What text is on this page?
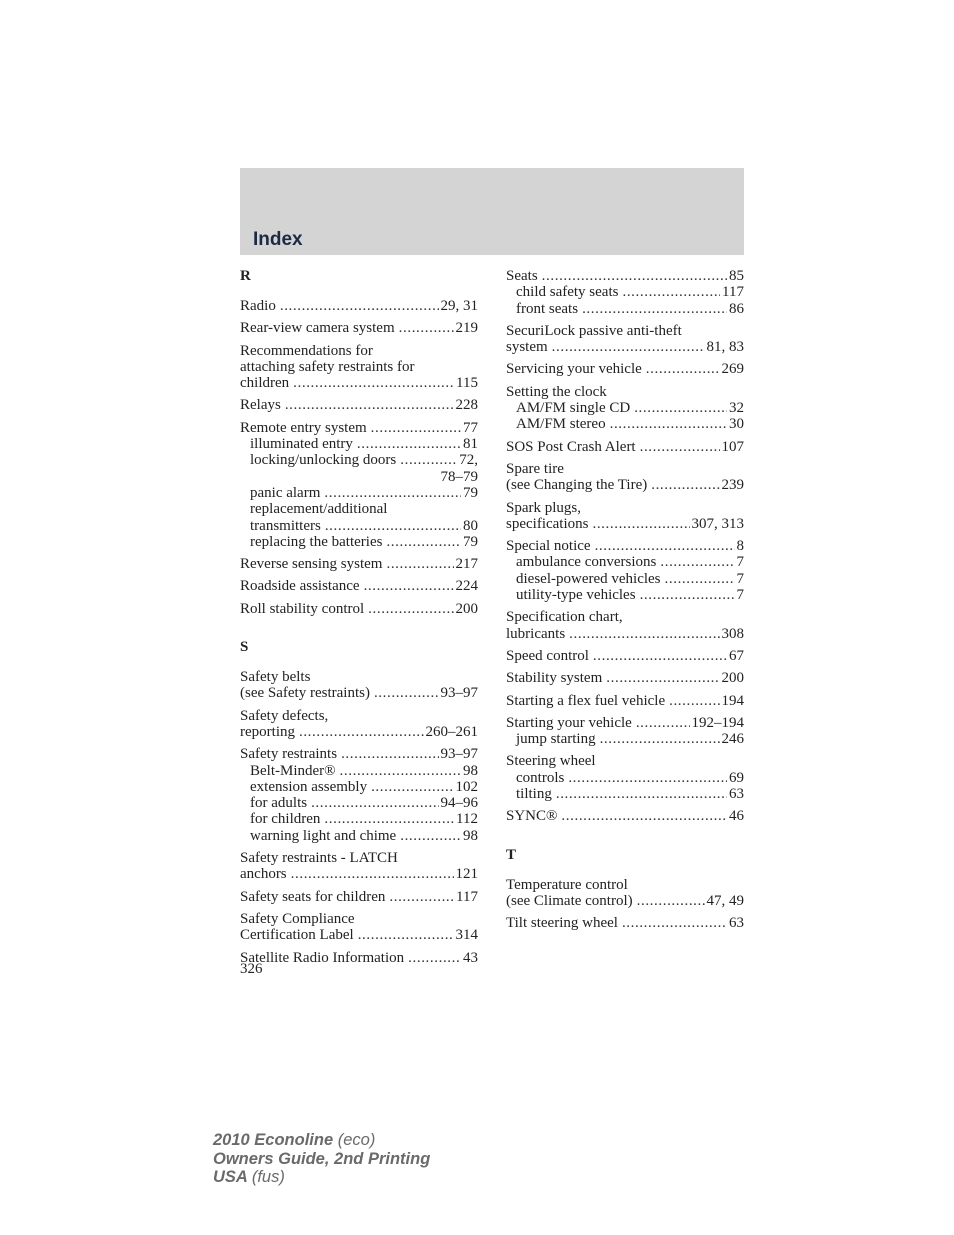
Index
R
Radio .....	29, 31
Rear-view camera system .....	219
Recommendations for
attaching safety restraints for
children .....	115
Relays .....	228
Remote entry system .....	77
illuminated entry .....	81
locking/unlocking doors .....	72,
78–79
panic alarm .....	79
replacement/additional
transmitters .....	80
replacing the batteries .....	79
Reverse sensing system .....	217
Roadside assistance .....	224
Roll stability control .....	200
S
Safety belts
(see Safety restraints) .....	93–97
Safety defects,
reporting .....	260–261
Safety restraints .....	93–97
Belt-Minder® .....	98
extension assembly .....	102
for adults .....	94–96
for children .....	112
warning light and chime .....	98
Safety restraints - LATCH
anchors .....	121
Safety seats for children .....	117
Safety Compliance
Certification Label .....	314
Satellite Radio Information .....	43
Seats .....	85
child safety seats .....	117
front seats .....	86
SecuriLock passive anti-theft
system .....	81, 83
Servicing your vehicle .....	269
Setting the clock
AM/FM single CD .....	32
AM/FM stereo .....	30
SOS Post Crash Alert .....	107
Spare tire
(see Changing the Tire) .....	239
Spark plugs,
specifications .....	307, 313
Special notice .....	8
ambulance conversions .....	7
diesel-powered vehicles .....	7
utility-type vehicles .....	7
Specification chart,
lubricants .....	308
Speed control .....	67
Stability system .....	200
Starting a flex fuel vehicle .....	194
Starting your vehicle .....	192–194
jump starting .....	246
Steering wheel
controls .....	69
tilting .....	63
SYNC® .....	46
T
Temperature control
(see Climate control) .....	47, 49
Tilt steering wheel .....	63
326
2010 Econoline (eco)
Owners Guide, 2nd Printing
USA (fus)
